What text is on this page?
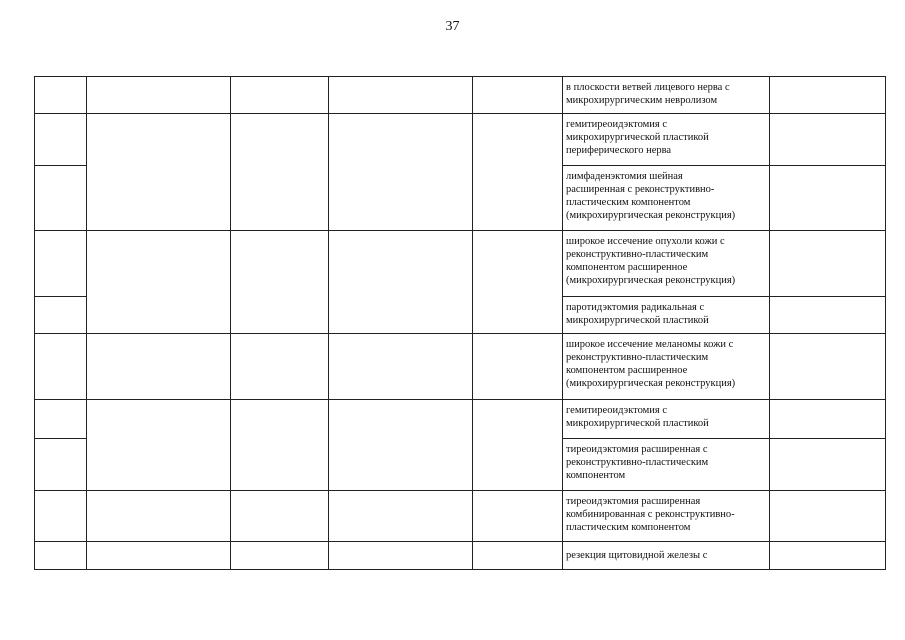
37
					в плоскости ветвей лицевого нерва с
микрохирургическим невролизом	
					гемитиреоидэктомия с
микрохирургической пластикой
периферического нерва	
					лимфаденэктомия шейная
расширенная с реконструктивно-
пластическим компонентом
(микрохирургическая реконструкция)	
					широкое иссечение опухоли кожи с
реконструктивно-пластическим
компонентом расширенное
(микрохирургическая реконструкция)	
					паротидэктомия радикальная с
микрохирургической пластикой	
					широкое иссечение меланомы кожи с
реконструктивно-пластическим
компонентом расширенное
(микрохирургическая реконструкция)	
					гемитиреоидэктомия с
микрохирургической пластикой	
					тиреоидэктомия расширенная с
реконструктивно-пластическим
компонентом	
					тиреоидэктомия расширенная
комбинированная с реконструктивно-
пластическим компонентом	
					резекция щитовидной железы с	
